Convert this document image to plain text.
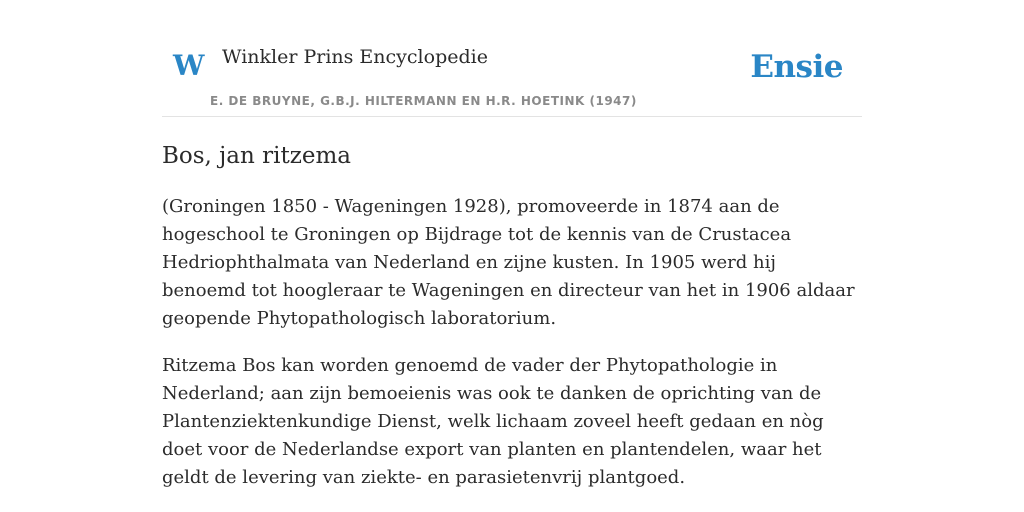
W Winkler Prins Encyclopedie	Ensie
E. DE BRUYNE, G.B.J. HILTERMANN EN H.R. HOETINK (1947)
Bos, jan ritzema

(Groningen 1850 - Wageningen 1928), promoveerde in 1874 aan de hogeschool te Groningen op Bijdrage tot de kennis van de Crustacea Hedriophthalmata van Nederland en zijne kusten. In 1905 werd hij benoemd tot hoogleraar te Wageningen en directeur van het in 1906 aldaar geopende Phytopathologisch laboratorium.

Ritzema Bos kan worden genoemd de vader der Phytopathologie in Nederland; aan zijn bemoeienis was ook te danken de oprichting van de Plantenziektenkundige Dienst, welk lichaam zoveel heeft gedaan en nòg doet voor de Nederlandse export van planten en plantendelen, waar het geldt de levering van ziekte- en parasietenvrij plantgoed.
